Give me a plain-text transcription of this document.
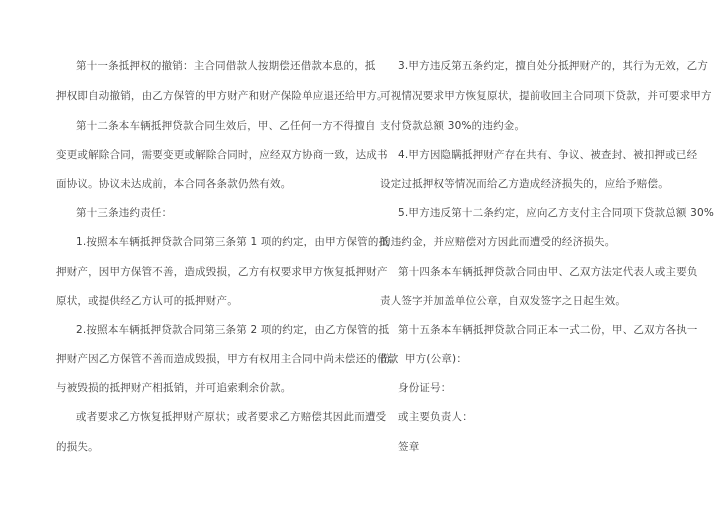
第十一条抵押权的撤销：主合同借款人按期偿还借款本息的，抵
押权即自动撤销，由乙方保管的甲方财产和财产保险单应退还给甲方。
第十二条本车辆抵押贷款合同生效后，甲、乙任何一方不得擅自
变更或解除合同，需要变更或解除合同时，应经双方协商一致，达成书
面协议。协议未达成前，本合同各条款仍然有效。
第十三条违约责任：
1.按照本车辆抵押贷款合同第三条第 1 项的约定，由甲方保管的抵
押财产，因甲方保管不善，造成毁损，乙方有权要求甲方恢复抵押财产
原状，或提供经乙方认可的抵押财产。
2.按照本车辆抵押贷款合同第三条第 2 项的约定，由乙方保管的抵
押财产因乙方保管不善而造成毁损，甲方有权用主合同中尚未偿还的借款
与被毁损的抵押财产相抵销，并可追索剩余价款。
或者要求乙方恢复抵押财产原状；或者要求乙方赔偿其因此而遭受
的损失。
3.甲方违反第五条约定，擅自处分抵押财产的，其行为无效，乙方
可视情况要求甲方恢复原状，提前收回主合同项下贷款，并可要求甲方
支付贷款总额 30%的违约金。
4.甲方因隐瞒抵押财产存在共有、争议、被查封、被扣押或已经
设定过抵押权等情况而给乙方造成经济损失的，应给予赔偿。
5.甲方违反第十二条约定，应向乙方支付主合同项下贷款总额 30%
的违约金，并应赔偿对方因此而遭受的经济损失。
第十四条本车辆抵押贷款合同由甲、乙双方法定代表人或主要负
责人签字并加盖单位公章，自双发签字之日起生效。
第十五条本车辆抵押贷款合同正本一式二份，甲、乙双方各执一
份。 甲方(公章)：
身份证号：
或主要负责人：
签章
